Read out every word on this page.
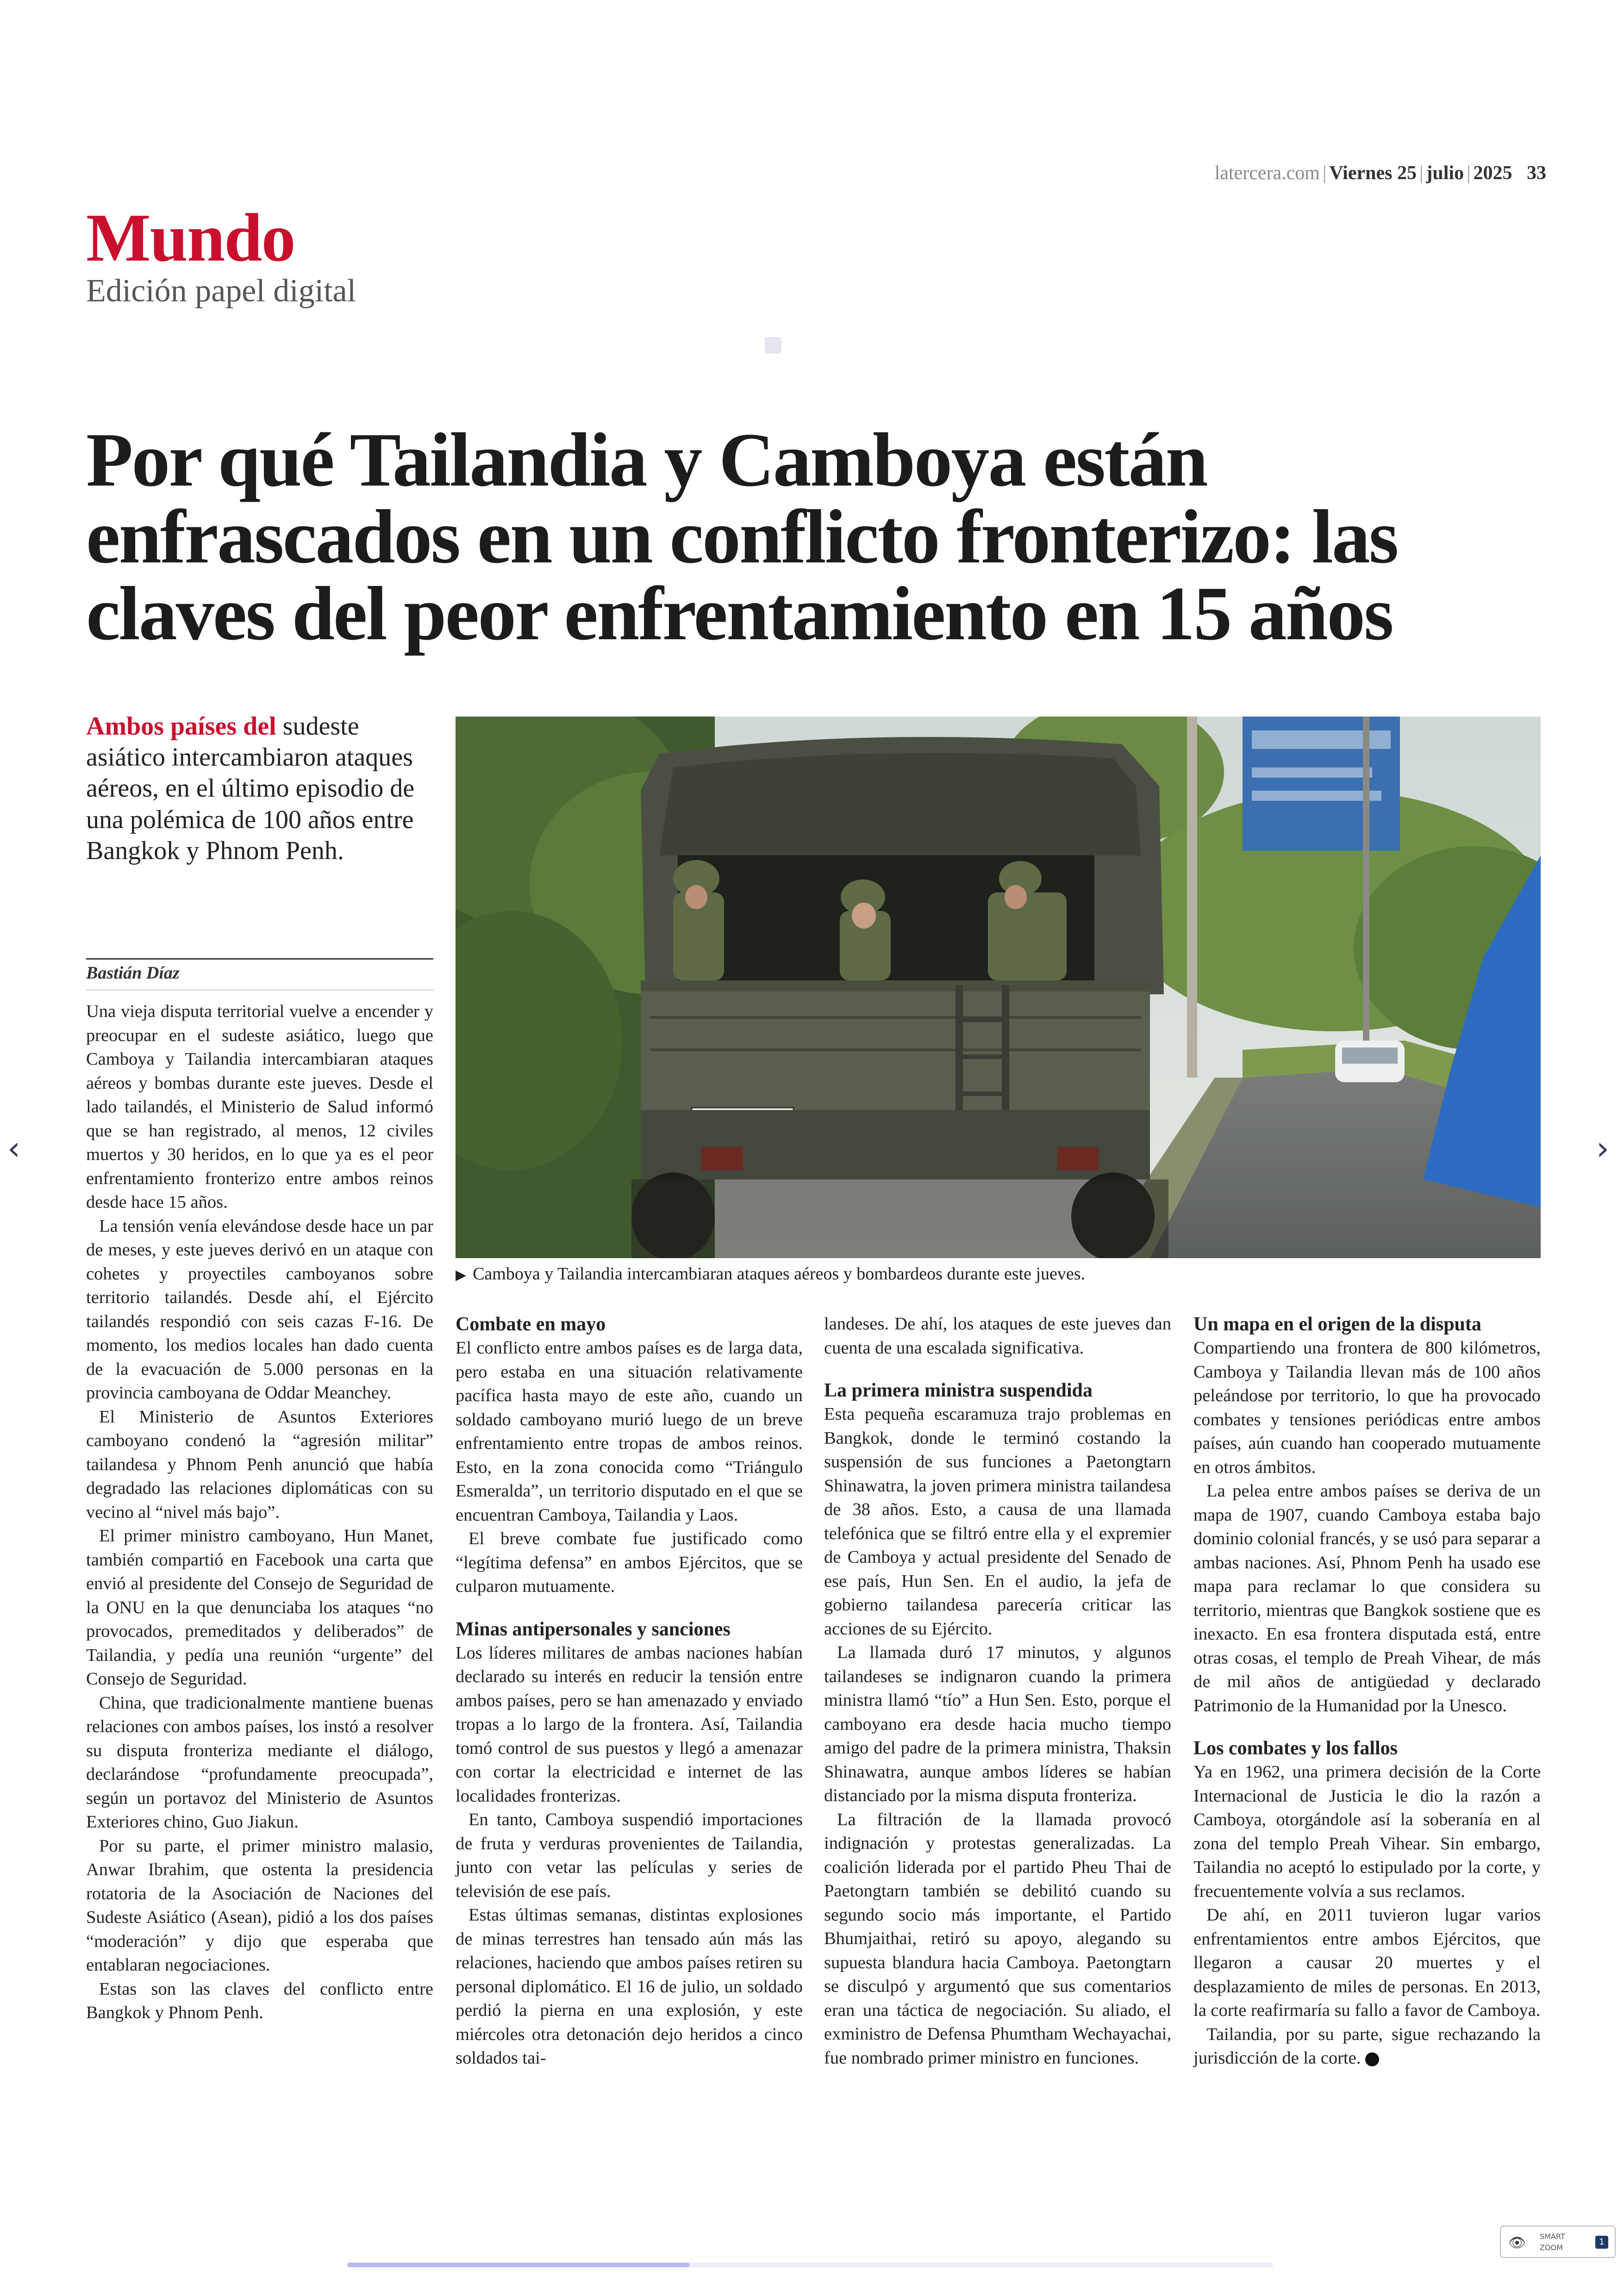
latercera.com | Viernes 25 | julio | 2025 33
Mundo
Edición papel digital
Por qué Tailandia y Camboya están enfrascados en un conflicto fronterizo: las claves del peor enfrentamiento en 15 años
Ambos países del sudeste asiático intercambiaron ataques aéreos, en el último episodio de una polémica de 100 años entre Bangkok y Phnom Penh.
Bastián Díaz

Una vieja disputa territorial vuelve a encender y preocupar en el sudeste asiático, luego que Camboya y Tailandia intercambiaran ataques aéreos y bombas durante este jueves. Desde el lado tailandés, el Ministerio de Salud informó que se han registrado, al menos, 12 civiles muertos y 30 heridos, en lo que ya es el peor enfrentamiento fronterizo entre ambos reinos desde hace 15 años.

La tensión venía elevándose desde hace un par de meses, y este jueves derivó en un ataque con cohetes y proyectiles camboyanos sobre territorio tailandés. Desde ahí, el Ejército tailandés respondió con seis cazas F-16. De momento, los medios locales han dado cuenta de la evacuación de 5.000 personas en la provincia camboyana de Oddar Meanchey.

El Ministerio de Asuntos Exteriores camboyano condenó la “agresión militar” tailandesa y Phnom Penh anunció que había degradado las relaciones diplomáticas con su vecino al “nivel más bajo”.

El primer ministro camboyano, Hun Manet, también compartió en Facebook una carta que envió al presidente del Consejo de Seguridad de la ONU en la que denunciaba los ataques “no provocados, premeditados y deliberados” de Tailandia, y pedía una reunión “urgente” del Consejo de Seguridad.

China, que tradicionalmente mantiene buenas relaciones con ambos países, los instó a resolver su disputa fronteriza mediante el diálogo, declarándose “profundamente preocupada”, según un portavoz del Ministerio de Asuntos Exteriores chino, Guo Jiakun.

Por su parte, el primer ministro malasio, Anwar Ibrahim, que ostenta la presidencia rotatoria de la Asociación de Naciones del Sudeste Asiático (Asean), pidió a los dos países “moderación” y dijo que esperaba que entablaran negociaciones.

Estas son las claves del conflicto entre Bangkok y Phnom Penh.

▶ Camboya y Tailandia intercambiaran ataques aéreos y bombardeos durante este jueves.
Combate en mayo

El conflicto entre ambos países es de larga data, pero estaba en una situación relativamente pacífica hasta mayo de este año, cuando un soldado camboyano murió luego de un breve enfrentamiento entre tropas de ambos reinos. Esto, en la zona conocida como “Triángulo Esmeralda”, un territorio disputado en el que se encuentran Camboya, Tailandia y Laos.

El breve combate fue justificado como “legítima defensa” en ambos Ejércitos, que se culparon mutuamente.

Minas antipersonales y sanciones

Los líderes militares de ambas naciones habían declarado su interés en reducir la tensión entre ambos países, pero se han amenazado y enviado tropas a lo largo de la frontera. Así, Tailandia tomó control de sus puestos y llegó a amenazar con cortar la electricidad e internet de las localidades fronterizas.

En tanto, Camboya suspendió importaciones de fruta y verduras provenientes de Tailandia, junto con vetar las películas y series de televisión de ese país.

Estas últimas semanas, distintas explosiones de minas terrestres han tensado aún más las relaciones, haciendo que ambos países retiren su personal diplomático. El 16 de julio, un soldado perdió la pierna en una explosión, y este miércoles otra detonación dejo heridos a cinco soldados tai-

landeses. De ahí, los ataques de este jueves dan cuenta de una escalada significativa.

La primera ministra suspendida

Esta pequeña escaramuza trajo problemas en Bangkok, donde le terminó costando la suspensión de sus funciones a Paetongtarn Shinawatra, la joven primera ministra tailandesa de 38 años. Esto, a causa de una llamada telefónica que se filtró entre ella y el expremier de Camboya y actual presidente del Senado de ese país, Hun Sen. En el audio, la jefa de gobierno tailandesa parecería criticar las acciones de su Ejército.

La llamada duró 17 minutos, y algunos tailandeses se indignaron cuando la primera ministra llamó “tío” a Hun Sen. Esto, porque el camboyano era desde hacia mucho tiempo amigo del padre de la primera ministra, Thaksin Shinawatra, aunque ambos líderes se habían distanciado por la misma disputa fronteriza.

La filtración de la llamada provocó indignación y protestas generalizadas. La coalición liderada por el partido Pheu Thai de Paetongtarn también se debilitó cuando su segundo socio más importante, el Partido Bhumjaithai, retiró su apoyo, alegando su supuesta blandura hacia Camboya. Paetongtarn se disculpó y argumentó que sus comentarios eran una táctica de negociación. Su aliado, el exministro de Defensa Phumtham Wechayachai, fue nombrado primer ministro en funciones.

Un mapa en el origen de la disputa

Compartiendo una frontera de 800 kilómetros, Camboya y Tailandia llevan más de 100 años peleándose por territorio, lo que ha provocado combates y tensiones periódicas entre ambos países, aún cuando han cooperado mutuamente en otros ámbitos.

La pelea entre ambos países se deriva de un mapa de 1907, cuando Camboya estaba bajo dominio colonial francés, y se usó para separar a ambas naciones. Así, Phnom Penh ha usado ese mapa para reclamar lo que considera su territorio, mientras que Bangkok sostiene que es inexacto. En esa frontera disputada está, entre otras cosas, el templo de Preah Vihear, de más de mil años de antigüedad y declarado Patrimonio de la Humanidad por la Unesco.

Los combates y los fallos

Ya en 1962, una primera decisión de la Corte Internacional de Justicia le dio la razón a Camboya, otorgándole así la soberanía en al zona del templo Preah Vihear. Sin embargo, Tailandia no aceptó lo estipulado por la corte, y frecuentemente volvía a sus reclamos.

De ahí, en 2011 tuvieron lugar varios enfrentamientos entre ambos Ejércitos, que llegaron a causar 20 muertes y el desplazamiento de miles de personas. En 2013, la corte reafirmaría su fallo a favor de Camboya.

Tailandia, por su parte, sigue rechazando la jurisdicción de la corte.

‹	›
👁 SMART
ZOOM
1
